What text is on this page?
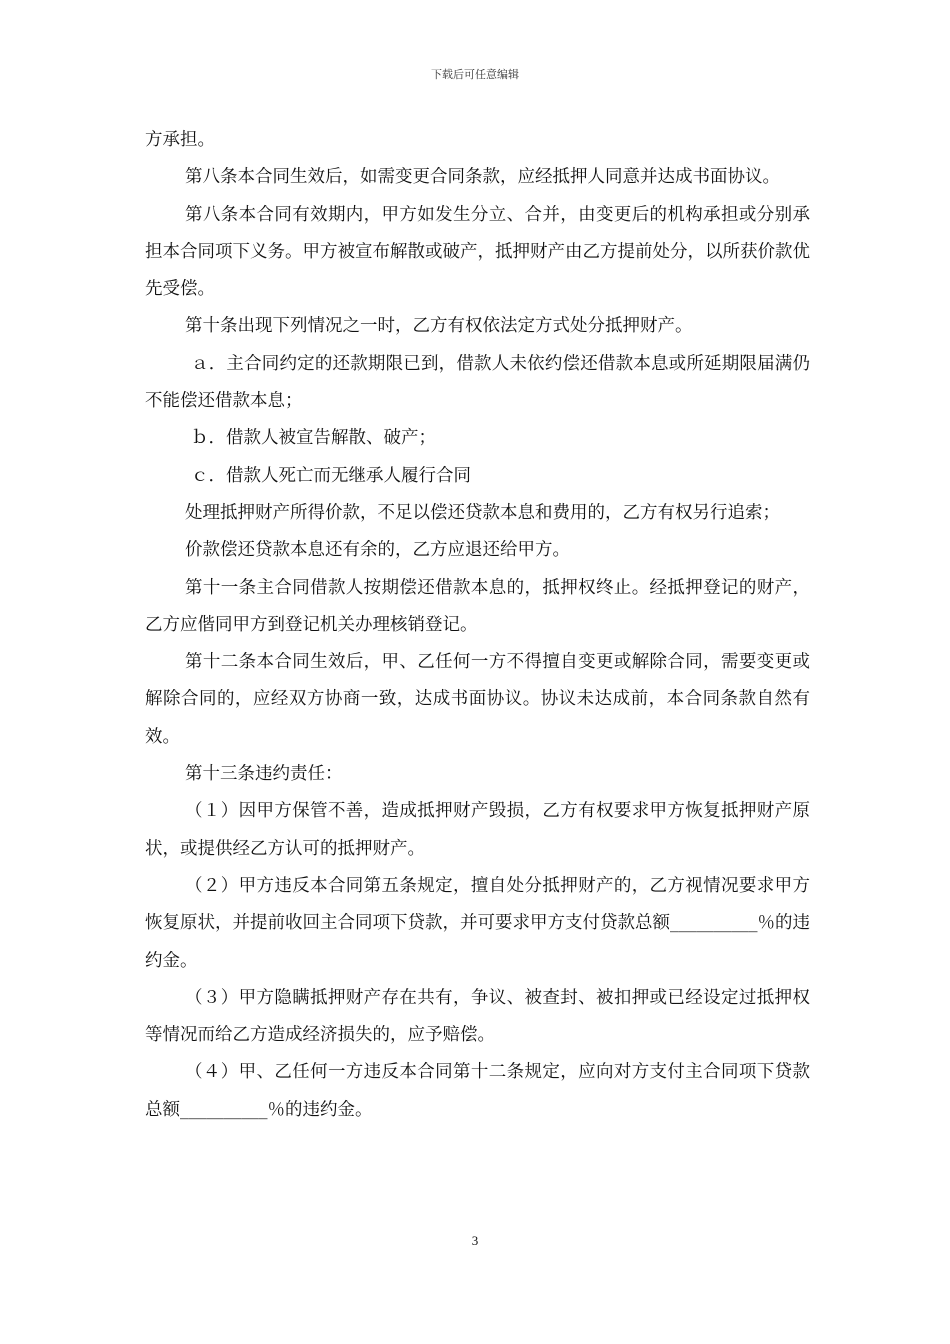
下载后可任意编辑

方承担。

第八条本合同生效后，如需变更合同条款，应经抵押人同意并达成书面协议。

第八条本合同有效期内，甲方如发生分立、合并，由变更后的机构承担或分别承担本合同项下义务。甲方被宣布解散或破产，抵押财产由乙方提前处分，以所获价款优先受偿。

第十条出现下列情况之一时，乙方有权依法定方式处分抵押财产。

ａ．主合同约定的还款期限已到，借款人未依约偿还借款本息或所延期限届满仍不能偿还借款本息；

ｂ．借款人被宣告解散、破产；

ｃ．借款人死亡而无继承人履行合同

处理抵押财产所得价款，不足以偿还贷款本息和费用的，乙方有权另行追索；

价款偿还贷款本息还有余的，乙方应退还给甲方。

第十一条主合同借款人按期偿还借款本息的，抵押权终止。经抵押登记的财产，乙方应偕同甲方到登记机关办理核销登记。

第十二条本合同生效后，甲、乙任何一方不得擅自变更或解除合同，需要变更或解除合同的，应经双方协商一致，达成书面协议。协议未达成前，本合同条款自然有效。

第十三条违约责任：

（１）因甲方保管不善，造成抵押财产毁损，乙方有权要求甲方恢复抵押财产原状，或提供经乙方认可的抵押财产。

（２）甲方违反本合同第五条规定，擅自处分抵押财产的，乙方视情况要求甲方恢复原状，并提前收回主合同项下贷款，并可要求甲方支付贷款总额__________％的违约金。

（３）甲方隐瞒抵押财产存在共有，争议、被查封、被扣押或已经设定过抵押权等情况而给乙方造成经济损失的，应予赔偿。

（４）甲、乙任何一方违反本合同第十二条规定，应向对方支付主合同项下贷款总额__________％的违约金。

3
